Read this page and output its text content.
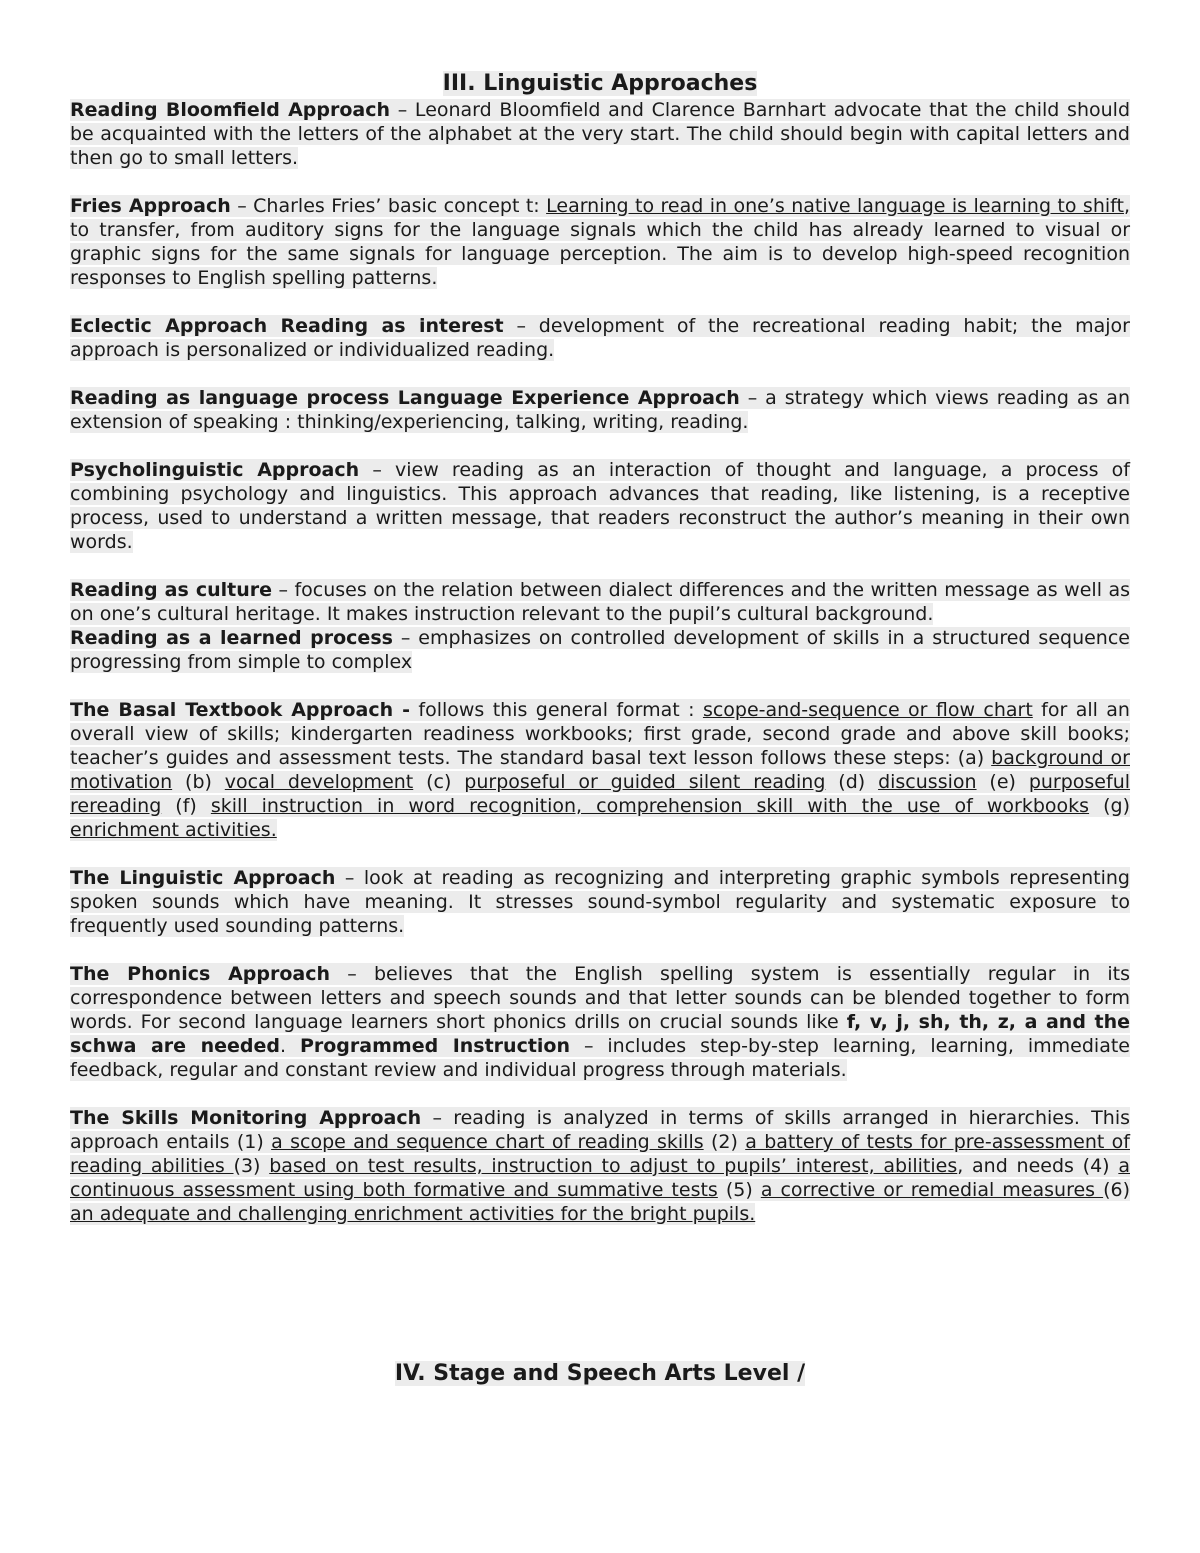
III. Linguistic Approaches

Reading Bloomfield Approach – Leonard Bloomfield and Clarence Barnhart advocate that the child should be acquainted with the letters of the alphabet at the very start. The child should begin with capital letters and then go to small letters.

Fries Approach – Charles Fries’ basic concept t: Learning to read in one’s native language is learning to shift, to transfer, from auditory signs for the language signals which the child has already learned to visual or graphic signs for the same signals for language perception. The aim is to develop high-speed recognition responses to English spelling patterns.

Eclectic Approach Reading as interest – development of the recreational reading habit; the major approach is personalized or individualized reading.

Reading as language process Language Experience Approach – a strategy which views reading as an extension of speaking : thinking/experiencing, talking, writing, reading.

Psycholinguistic Approach – view reading as an interaction of thought and language, a process of combining psychology and linguistics. This approach advances that reading, like listening, is a receptive process, used to understand a written message, that readers reconstruct the author’s meaning in their own words.

Reading as culture – focuses on the relation between dialect differences and the written message as well as on one’s cultural heritage. It makes instruction relevant to the pupil’s cultural background.

Reading as a learned process – emphasizes on controlled development of skills in a structured sequence progressing from simple to complex

The Basal Textbook Approach - follows this general format : scope-and-sequence or flow chart for all an overall view of skills; kindergarten readiness workbooks; first grade, second grade and above skill books; teacher’s guides and assessment tests. The standard basal text lesson follows these steps: (a) background or motivation (b) vocal development (c) purposeful or guided silent reading (d) discussion (e) purposeful rereading (f) skill instruction in word recognition, comprehension skill with the use of workbooks (g) enrichment activities.

The Linguistic Approach – look at reading as recognizing and interpreting graphic symbols representing spoken sounds which have meaning. It stresses sound-symbol regularity and systematic exposure to frequently used sounding patterns.

The Phonics Approach – believes that the English spelling system is essentially regular in its correspondence between letters and speech sounds and that letter sounds can be blended together to form words. For second language learners short phonics drills on crucial sounds like f, v, j, sh, th, z, a and the schwa are needed. Programmed Instruction – includes step-by-step learning, learning, immediate feedback, regular and constant review and individual progress through materials.

The Skills Monitoring Approach – reading is analyzed in terms of skills arranged in hierarchies. This approach entails (1) a scope and sequence chart of reading skills (2) a battery of tests for pre-assessment of reading abilities (3) based on test results, instruction to adjust to pupils’ interest, abilities, and needs (4) a continuous assessment using both formative and summative tests (5) a corrective or remedial measures (6) an adequate and challenging enrichment activities for the bright pupils.

IV. Stage and Speech Arts Level /
